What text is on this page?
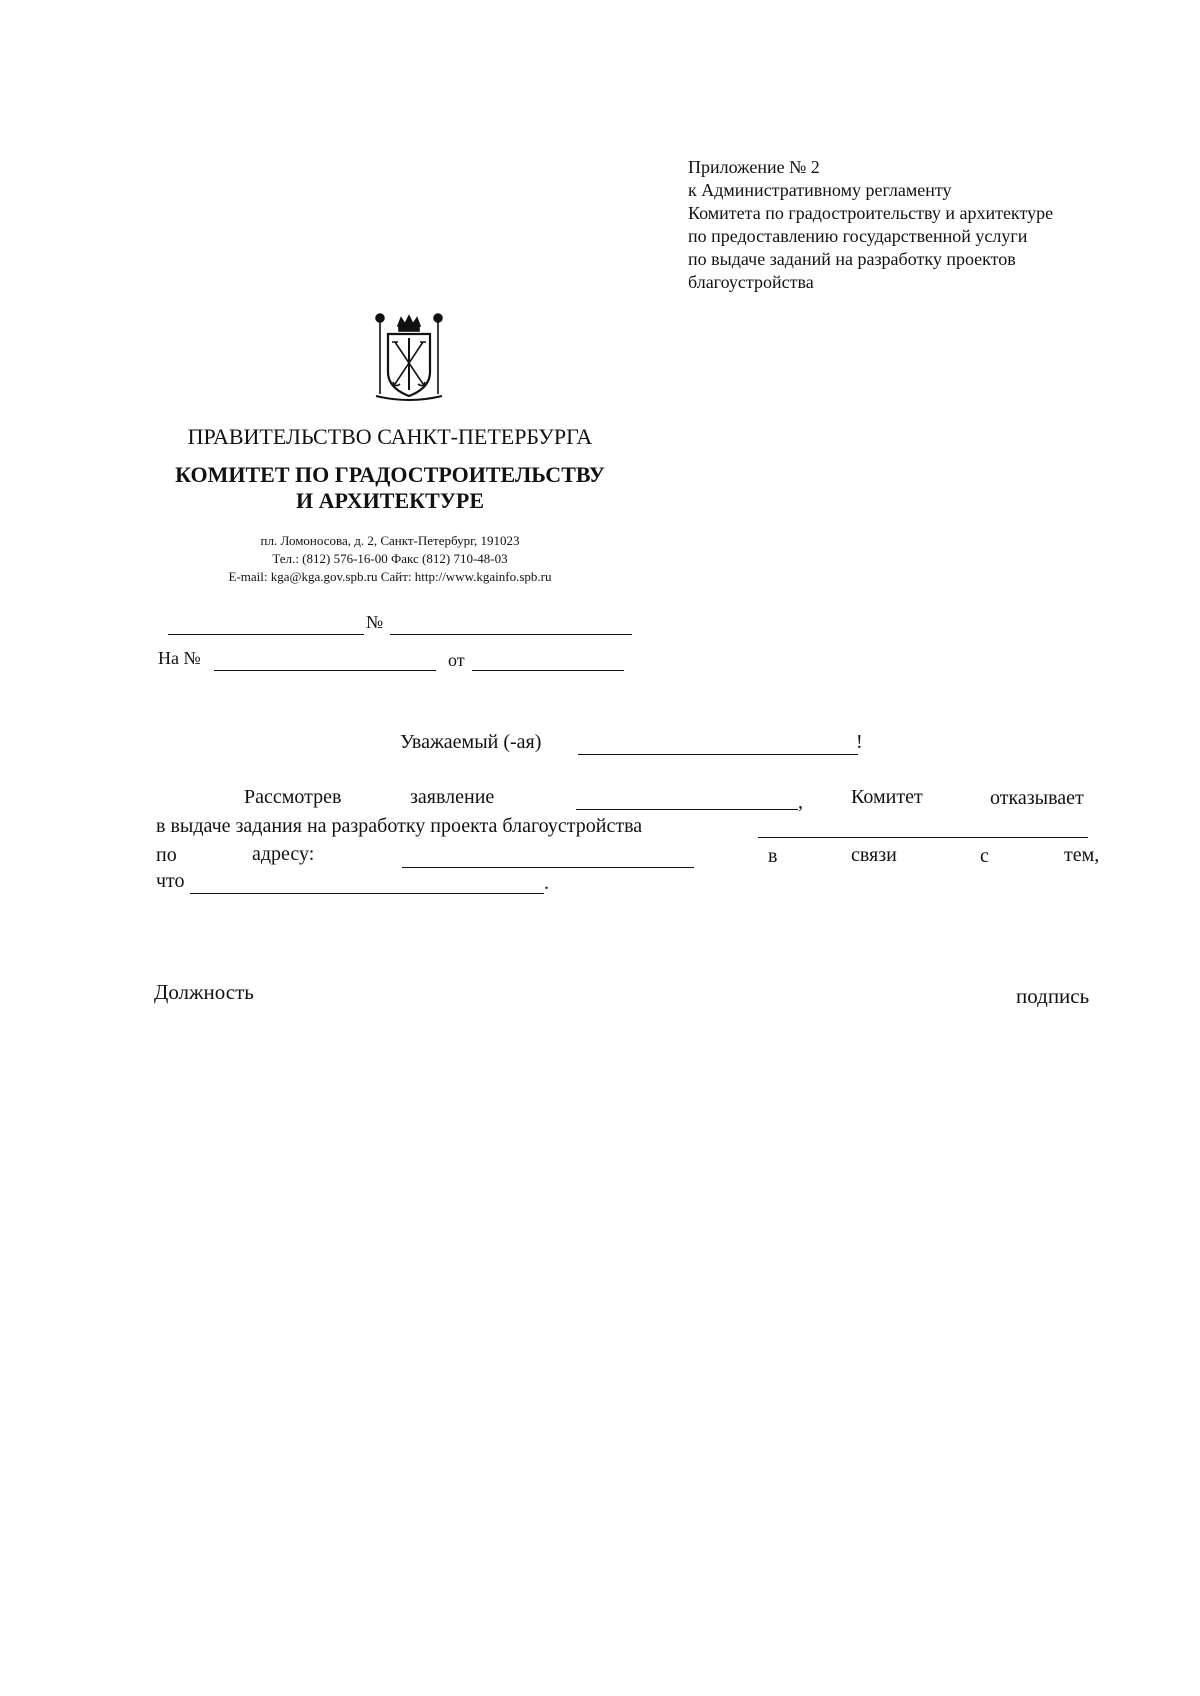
Приложение № 2
к Административному регламенту
Комитета по градостроительству и архитектуре
по предоставлению государственной услуги
по выдаче заданий на разработку проектов
благоустройства
ПРАВИТЕЛЬСТВО САНКТ-ПЕТЕРБУРГА
КОМИТЕТ ПО ГРАДОСТРОИТЕЛЬСТВУ
И АРХИТЕКТУРЕ
пл. Ломоносова, д. 2, Санкт-Петербург, 191023
Тел.: (812) 576-16-00 Факс (812) 710-48-03
E-mail: kga@kga.gov.spb.ru Сайт: http://www.kgainfo.spb.ru
№
На №	от
Уважаемый (-ая)	!
Рассмотрев	заявление	, Комитет	отказывает
в выдаче задания на разработку проекта благоустройства
по	адресу:	в	связи	с	тем,
что	.
Должность	подпись
